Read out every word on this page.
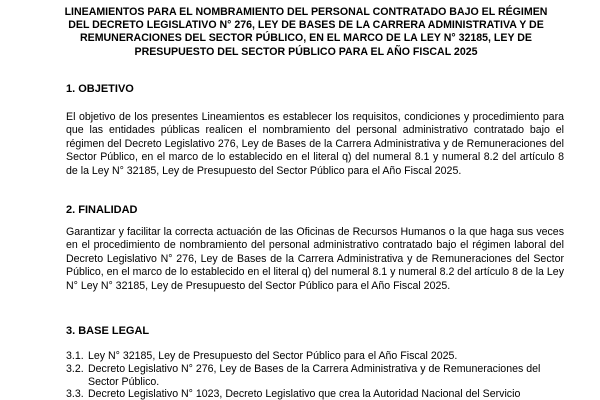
LINEAMIENTOS PARA EL NOMBRAMIENTO DEL PERSONAL CONTRATADO BAJO EL RÉGIMEN DEL DECRETO LEGISLATIVO N° 276, LEY DE BASES DE LA CARRERA ADMINISTRATIVA Y DE REMUNERACIONES DEL SECTOR PÚBLICO, EN EL MARCO DE LA LEY N° 32185, LEY DE PRESUPUESTO DEL SECTOR PÚBLICO PARA EL AÑO FISCAL 2025
1. OBJETIVO

El objetivo de los presentes Lineamientos es establecer los requisitos, condiciones y procedimiento para que las entidades públicas realicen el nombramiento del personal administrativo contratado bajo el régimen del Decreto Legislativo 276, Ley de Bases de la Carrera Administrativa y de Remuneraciones del Sector Público, en el marco de lo establecido en el literal q) del numeral 8.1 y numeral 8.2 del artículo 8 de la Ley N° 32185, Ley de Presupuesto del Sector Público para el Año Fiscal 2025.

2. FINALIDAD

Garantizar y facilitar la correcta actuación de las Oficinas de Recursos Humanos o la que haga sus veces en el procedimiento de nombramiento del personal administrativo contratado bajo el régimen laboral del Decreto Legislativo N° 276, Ley de Bases de la Carrera Administrativa y de Remuneraciones del Sector Público, en el marco de lo establecido en el literal q) del numeral 8.1 y numeral 8.2 del artículo 8 de la Ley N° Ley N° 32185, Ley de Presupuesto del Sector Público para el Año Fiscal 2025.

3. BASE LEGAL
3.1. Ley N° 32185, Ley de Presupuesto del Sector Público para el Año Fiscal 2025.
3.2. Decreto Legislativo N° 276, Ley de Bases de la Carrera Administrativa y de Remuneraciones del Sector Público.
3.3. Decreto Legislativo N° 1023, Decreto Legislativo que crea la Autoridad Nacional del Servicio
